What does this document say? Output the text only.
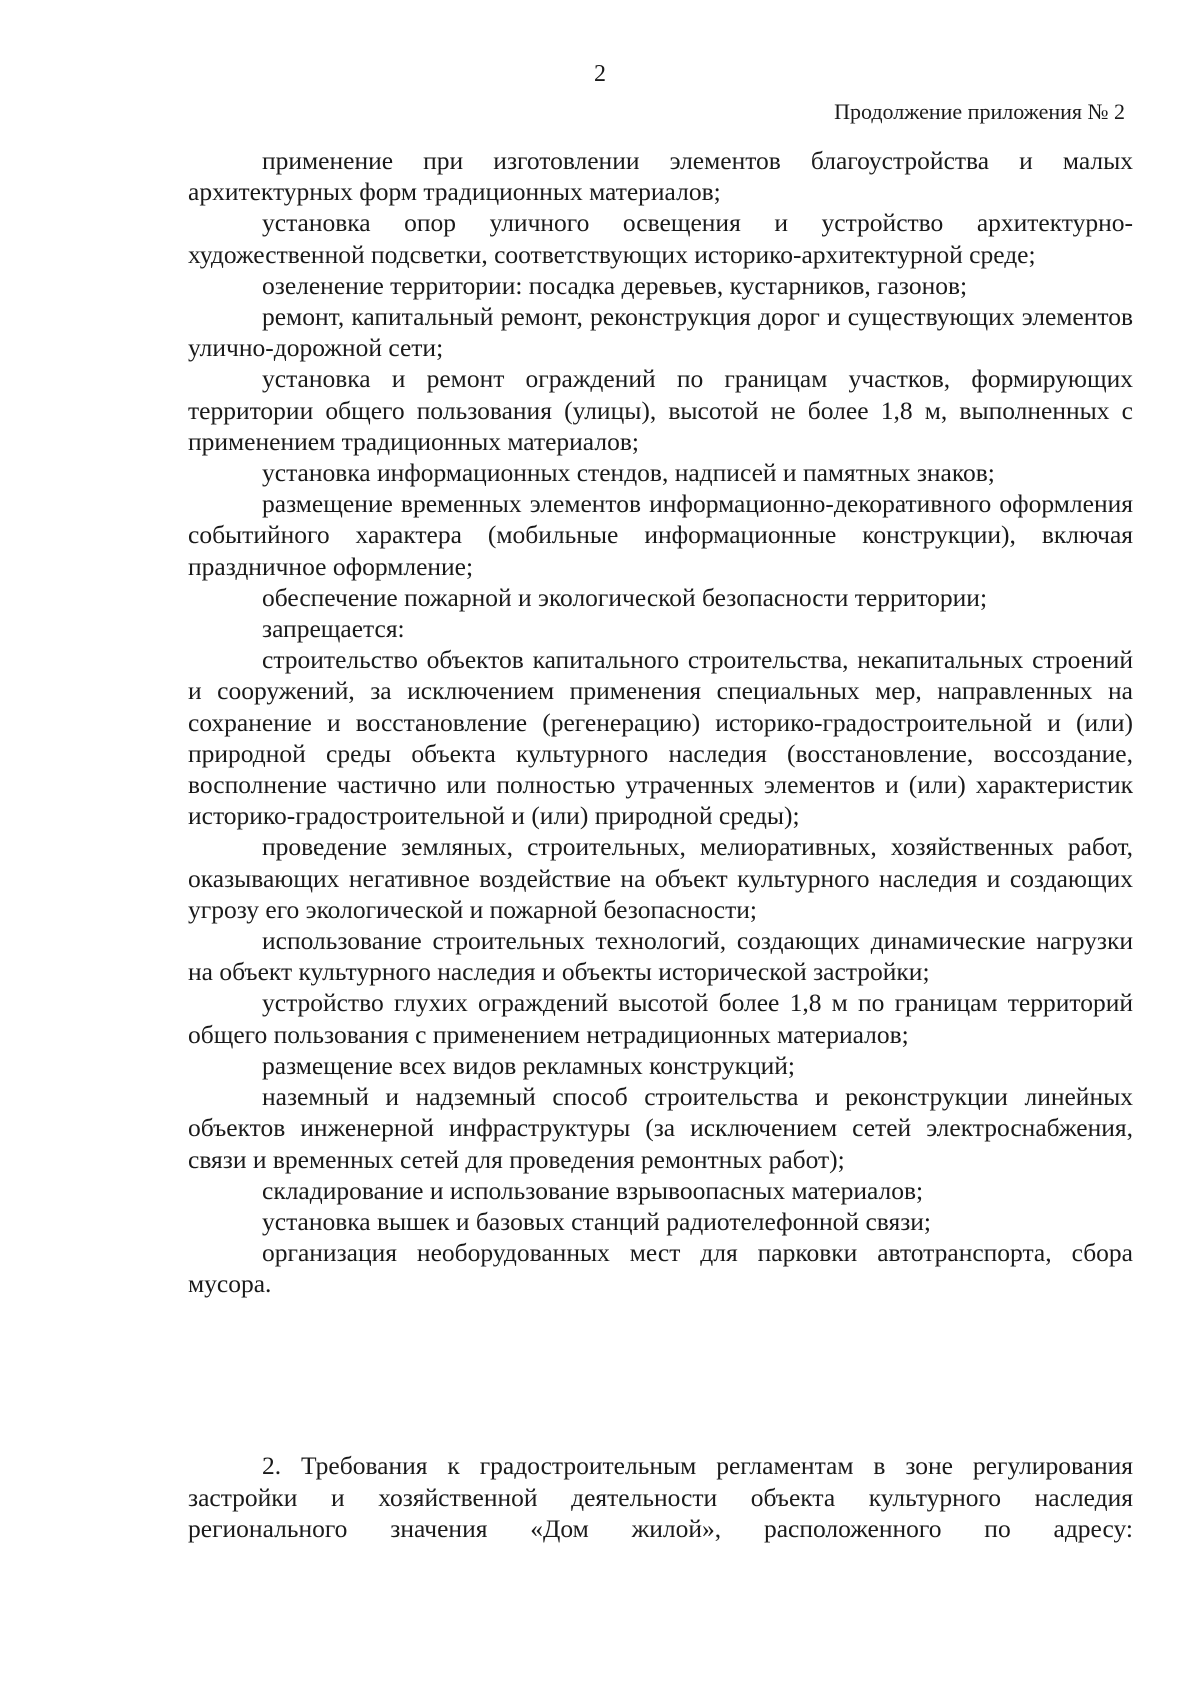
2
Продолжение приложения № 2

применение при изготовлении элементов благоустройства и малых архитектурных форм традиционных материалов;

установка опор уличного освещения и устройство архитектурно-художественной подсветки, соответствующих историко-архитектурной среде;

озеленение территории: посадка деревьев, кустарников, газонов;

ремонт, капитальный ремонт, реконструкция дорог и существующих элементов улично-дорожной сети;

установка и ремонт ограждений по границам участков, формирующих территории общего пользования (улицы), высотой не более 1,8 м, выполненных с применением традиционных материалов;

установка информационных стендов, надписей и памятных знаков;

размещение временных элементов информационно-декоративного оформления событийного характера (мобильные информационные конструкции), включая праздничное оформление;

обеспечение пожарной и экологической безопасности территории;

запрещается:

строительство объектов капитального строительства, некапитальных строений и сооружений, за исключением применения специальных мер, направленных на сохранение и восстановление (регенерацию) историко-градостроительной и (или) природной среды объекта культурного наследия (восстановление, воссоздание, восполнение частично или полностью утраченных элементов и (или) характеристик историко-градостроительной и (или) природной среды);

проведение земляных, строительных, мелиоративных, хозяйственных работ, оказывающих негативное воздействие на объект культурного наследия и создающих угрозу его экологической и пожарной безопасности;

использование строительных технологий, создающих динамические нагрузки на объект культурного наследия и объекты исторической застройки;

устройство глухих ограждений высотой более 1,8 м по границам территорий общего пользования с применением нетрадиционных материалов;

размещение всех видов рекламных конструкций;

наземный и надземный способ строительства и реконструкции линейных объектов инженерной инфраструктуры (за исключением сетей электроснабжения, связи и временных сетей для проведения ремонтных работ);

складирование и использование взрывоопасных материалов;

установка вышек и базовых станций радиотелефонной связи;

организация необорудованных мест для парковки автотранспорта, сбора мусора.

2. Требования к градостроительным регламентам в зоне регулирования застройки и хозяйственной деятельности объекта культурного наследия регионального значения «Дом жилой», расположенного по адресу:
